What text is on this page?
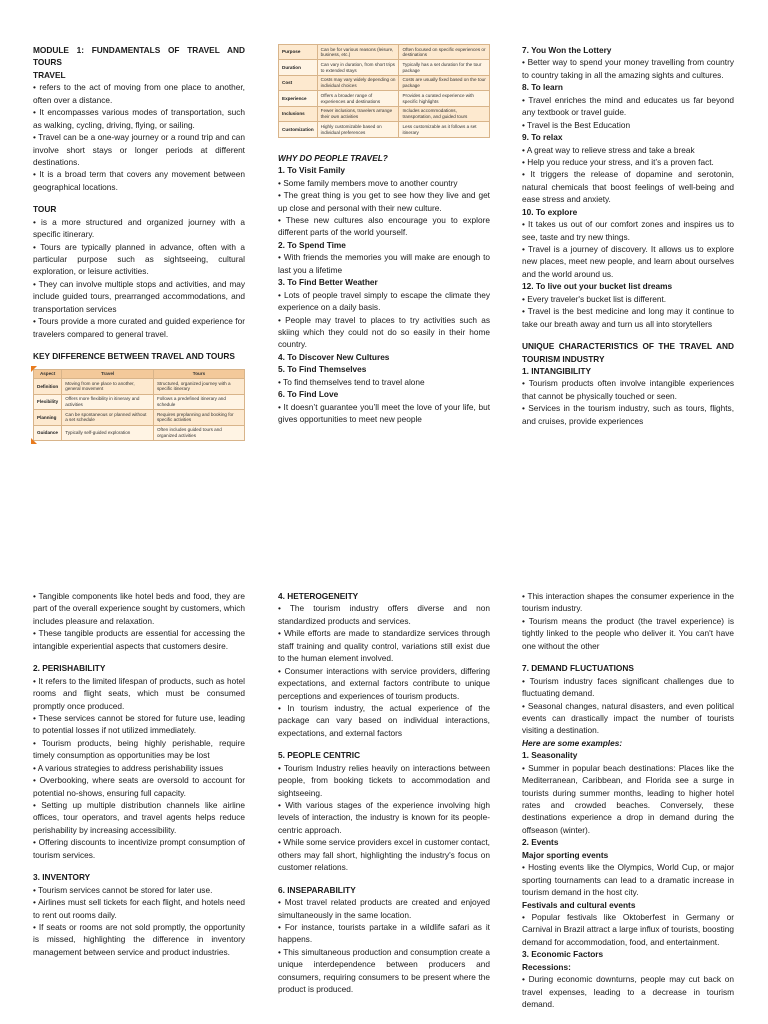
MODULE 1: FUNDAMENTALS OF TRAVEL AND TOURS

TRAVEL

• refers to the act of moving from one place to another, often over a distance.

• It encompasses various modes of transportation, such as walking, cycling, driving, flying, or sailing.

• Travel can be a one-way journey or a round trip and can involve short stays or longer periods at different destinations.

• It is a broad term that covers any movement between geographical locations.

TOUR

• is a more structured and organized journey with a specific itinerary.

• Tours are typically planned in advance, often with a particular purpose such as sightseeing, cultural exploration, or leisure activities.

• They can involve multiple stops and activities, and may include guided tours, prearranged accommodations, and transportation services

• Tours provide a more curated and guided experience for travelers compared to general travel.

KEY DIFFERENCE BETWEEN TRAVEL AND TOURS

Aspect	Travel	Tours
Definition	Moving from one place to another, general movement	Structured, organized journey with a specific itinerary
Flexibility	Offers more flexibility in itinerary and activities	Follows a predefined itinerary and schedule
Planning	Can be spontaneous or planned without a set schedule	Requires preplanning and booking for specific activities
Guidance	Typically self-guided exploration	Often includes guided tours and organized activities
Purpose	Can be for various reasons (leisure, business, etc.)	Often focused on specific experiences or destinations
Duration	Can vary in duration, from short trips to extended stays	Typically has a set duration for the tour package
Cost	Costs may vary widely depending on individual choices	Costs are usually fixed based on the tour package
Experience	Offers a broader range of experiences and destinations	Provides a curated experience with specific highlights
Inclusions	Fewer inclusions, travelers arrange their own activities	Includes accommodations, transportation, and guided tours
Customization	Highly customizable based on individual preferences	Less customizable as it follows a set itinerary

WHY DO PEOPLE TRAVEL?

1. To Visit Family

• Some family members move to another country

• The great thing is you get to see how they live and get up close and personal with their new culture.

• These new cultures also encourage you to explore different parts of the world yourself.

2. To Spend Time

• With friends the memories you will make are enough to last you a lifetime

3. To Find Better Weather

• Lots of people travel simply to escape the climate they experience on a daily basis.

• People may travel to places to try activities such as skiing which they could not do so easily in their home country.

4. To Discover New Cultures

5. To Find Themselves

• To find themselves tend to travel alone

6. To Find Love

• It doesn’t guarantee you’ll meet the love of your life, but gives opportunities to meet new people

7. You Won the Lottery

• Better way to spend your money travelling from country to country taking in all the amazing sights and cultures.

8. To learn

• Travel enriches the mind and educates us far beyond any textbook or travel guide.

• Travel is the Best Education

9. To relax

• A great way to relieve stress and take a break

• Help you reduce your stress, and it’s a proven fact.

• It triggers the release of dopamine and serotonin, natural chemicals that boost feelings of well-being and ease stress and anxiety.

10. To explore

• It takes us out of our comfort zones and inspires us to see, taste and try new things.

• Travel is a journey of discovery. It allows us to explore new places, meet new people, and learn about ourselves and the world around us.

12. To live out your bucket list dreams

• Every traveler's bucket list is different.

• Travel is the best medicine and long may it continue to take our breath away and turn us all into storytellers

UNIQUE CHARACTERISTICS OF THE TRAVEL AND TOURISM INDUSTRY

1. INTANGIBILITY

• Tourism products often involve intangible experiences that cannot be physically touched or seen.

• Services in the tourism industry, such as tours, flights, and cruises, provide experiences

• Tangible components like hotel beds and food, they are part of the overall experience sought by customers, which includes pleasure and relaxation.

• These tangible products are essential for accessing the intangible experiential aspects that customers desire.

2. PERISHABILITY

• It refers to the limited lifespan of products, such as hotel rooms and flight seats, which must be consumed promptly once produced.

• These services cannot be stored for future use, leading to potential losses if not utilized immediately.

• Tourism products, being highly perishable, require timely consumption as opportunities may be lost

• A various strategies to address perishability issues

• Overbooking, where seats are oversold to account for potential no-shows, ensuring full capacity.

• Setting up multiple distribution channels like airline offices, tour operators, and travel agents helps reduce perishability by increasing accessibility.

• Offering discounts to incentivize prompt consumption of tourism services.

3. INVENTORY

• Tourism services cannot be stored for later use.

• Airlines must sell tickets for each flight, and hotels need to rent out rooms daily.

• If seats or rooms are not sold promptly, the opportunity is missed, highlighting the difference in inventory management between service and product industries.

4. HETEROGENEITY

• The tourism industry offers diverse and non standardized products and services.

• While efforts are made to standardize services through staff training and quality control, variations still exist due to the human element involved.

• Consumer interactions with service providers, differing expectations, and external factors contribute to unique perceptions and experiences of tourism products.

• In tourism industry, the actual experience of the package can vary based on individual interactions, expectations, and external factors

5. PEOPLE CENTRIC

• Tourism Industry relies heavily on interactions between people, from booking tickets to accommodation and sightseeing.

• With various stages of the experience involving high levels of interaction, the industry is known for its people-centric approach.

• While some service providers excel in customer contact, others may fall short, highlighting the industry's focus on customer relations.

6. INSEPARABILITY

• Most travel related products are created and enjoyed simultaneously in the same location.

• For instance, tourists partake in a wildlife safari as it happens.

• This simultaneous production and consumption create a unique interdependence between producers and consumers, requiring consumers to be present where the product is produced.

• This interaction shapes the consumer experience in the tourism industry.

• Tourism means the product (the travel experience) is tightly linked to the people who deliver it. You can't have one without the other

7. DEMAND FLUCTUATIONS

• Tourism industry faces significant challenges due to fluctuating demand.

• Seasonal changes, natural disasters, and even political events can drastically impact the number of tourists visiting a destination.

Here are some examples:

1. Seasonality

• Summer in popular beach destinations: Places like the Mediterranean, Caribbean, and Florida see a surge in tourists during summer months, leading to higher hotel rates and crowded beaches. Conversely, these destinations experience a drop in demand during the offseason (winter).

2. Events

Major sporting events

• Hosting events like the Olympics, World Cup, or major sporting tournaments can lead to a dramatic increase in tourism demand in the host city.

Festivals and cultural events

• Popular festivals like Oktoberfest in Germany or Carnival in Brazil attract a large influx of tourists, boosting demand for accommodation, food, and entertainment.

3. Economic Factors

Recessions:

• During economic downturns, people may cut back on travel expenses, leading to a decrease in tourism demand.
